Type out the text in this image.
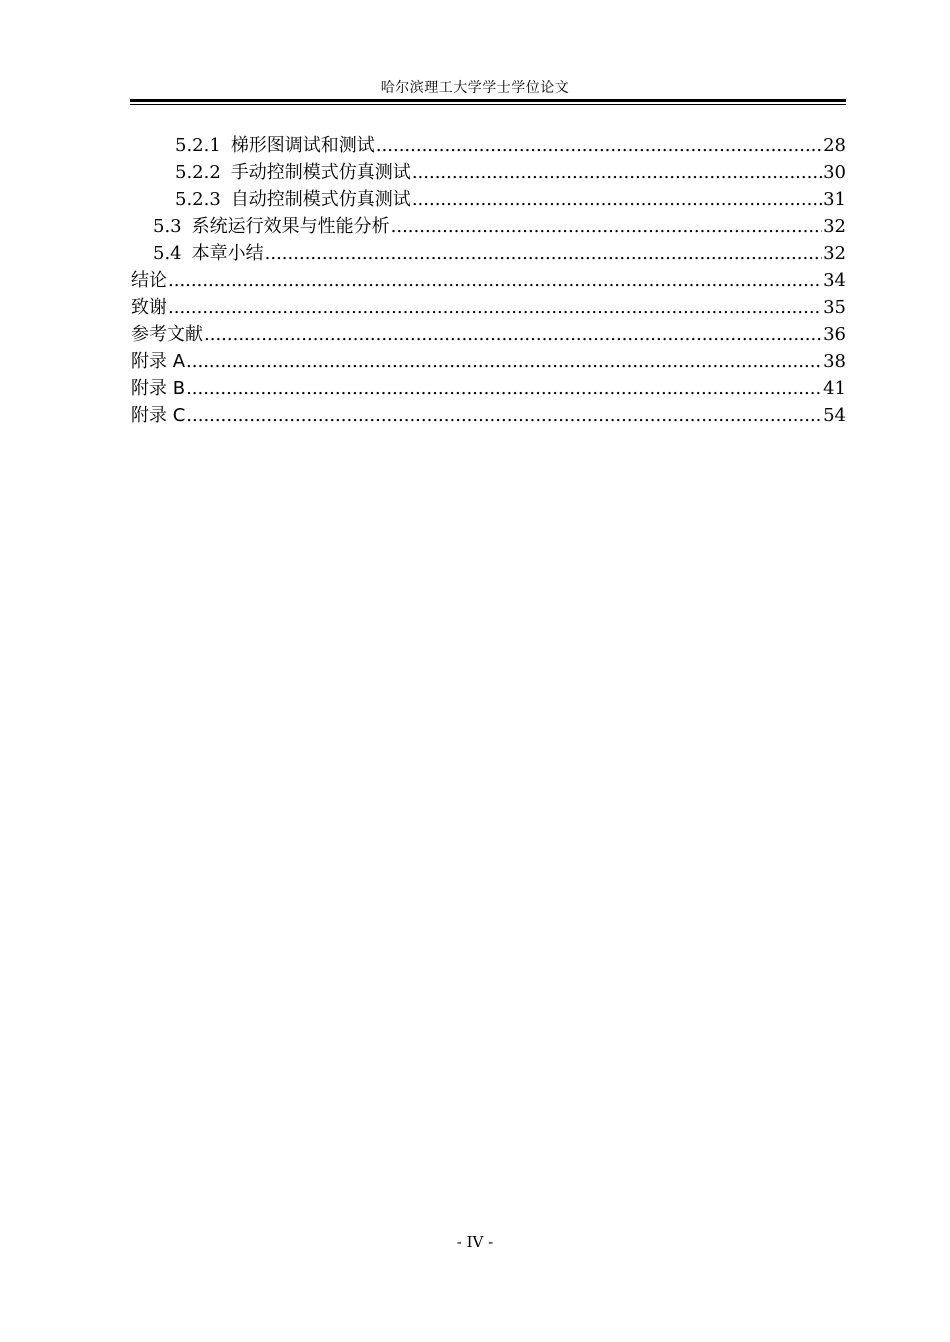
哈尔滨理工大学学士学位论文
5.2.1 梯形图调试和测试 .....	28
5.2.2 手动控制模式仿真测试 .....	30
5.2.3 自动控制模式仿真测试 .....	31
5.3 系统运行效果与性能分析 .....	32
5.4 本章小结 .....	32
结论 .....	34
致谢 .....	35
参考文献 .....	36
附录 A .....	38
附录 B .....	41
附录 C .....	54
- IV -
